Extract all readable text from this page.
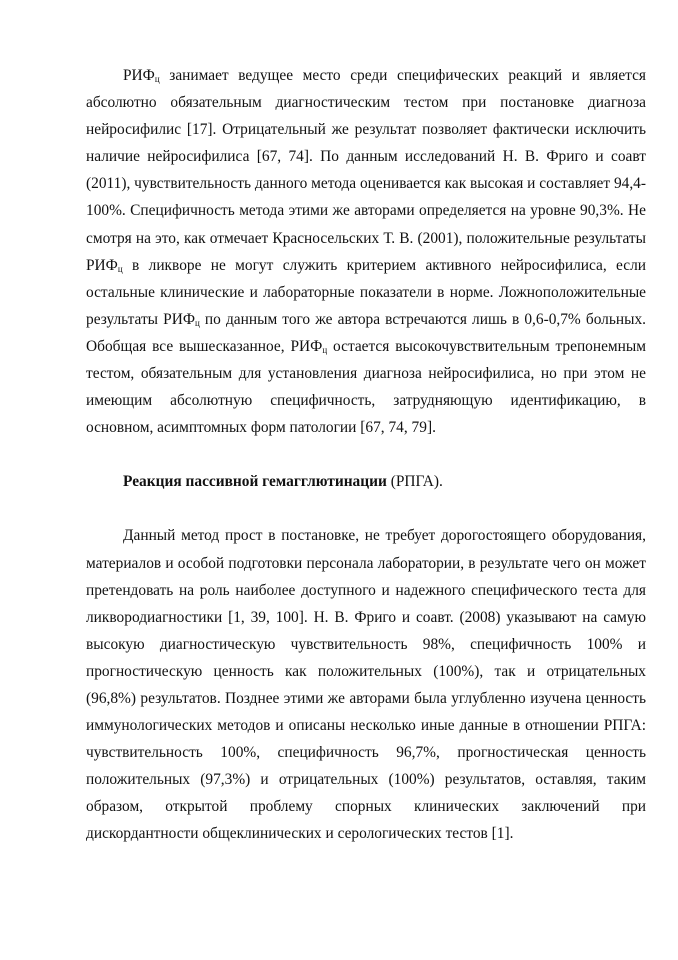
$РИФ_ц$ занимает ведущее место среди специфических реакций и является абсолютно обязательным диагностическим тестом при постановке диагноза нейросифилис [17]. Отрицательный же результат позволяет фактически исключить наличие нейросифилиса [67, 74]. По данным исследований Н. В. Фриго и соавт (2011), чувствительность данного метода оценивается как высокая и составляет 94,4-100%. Специфичность метода этими же авторами определяется на уровне 90,3%. Не смотря на это, как отмечает Красносельских Т. В. (2001), положительные результаты $РИФ_ц$ в ликворе не могут служить критерием активного нейросифилиса, если остальные клинические и лабораторные показатели в норме. Ложноположительные результаты $РИФ_ц$ по данным того же автора встречаются лишь в 0,6-0,7% больных. Обобщая все вышесказанное, $РИФ_ц$ остается высокочувствительным трепонемным тестом, обязательным для установления диагноза нейросифилиса, но при этом не имеющим абсолютную специфичность, затрудняющую идентификацию, в основном, асимптомных форм патологии [67, 74, 79].

Реакция пассивной гемагглютинации (РПГА).

Данный метод прост в постановке, не требует дорогостоящего оборудования, материалов и особой подготовки персонала лаборатории, в результате чего он может претендовать на роль наиболее доступного и надежного специфического теста для ликвородиагностики [1, 39, 100]. Н. В. Фриго и соавт. (2008) указывают на самую высокую диагностическую чувствительность 98%, специфичность 100% и прогностическую ценность как положительных (100%), так и отрицательных (96,8%) результатов. Позднее этими же авторами была углубленно изучена ценность иммунологических методов и описаны несколько иные данные в отношении РПГА: чувствительность 100%, специфичность 96,7%, прогностическая ценность положительных (97,3%) и отрицательных (100%) результатов, оставляя, таким образом, открытой проблему спорных клинических заключений при дискордантности общеклинических и серологических тестов [1].
